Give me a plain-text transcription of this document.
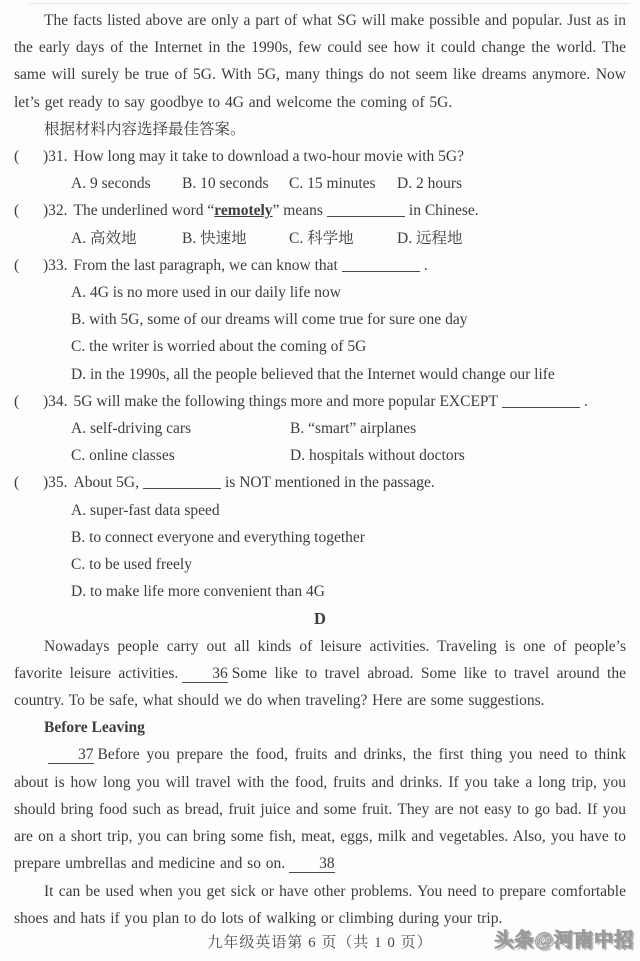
The facts listed above are only a part of what SG will make possible and popular. Just as in the early days of the Internet in the 1990s, few could see how it could change the world. The same will surely be true of 5G. With 5G, many things do not seem like dreams anymore. Now let’s get ready to say goodbye to 4G and welcome the coming of 5G.
根据材料内容选择最佳答案。
( )31. How long may it take to download a two-hour movie with 5G?
A. 9 seconds	B. 10 seconds	C. 15 minutes	D. 2 hours
( )32. The underlined word “remotely” means	in Chinese.
A. 高效地	B. 快速地	C. 科学地	D. 远程地
( )33. From the last paragraph, we can know that	.
A. 4G is no more used in our daily life now
B. with 5G, some of our dreams will come true for sure one day
C. the writer is worried about the coming of 5G
D. in the 1990s, all the people believed that the Internet would change our life
( )34. 5G will make the following things more and more popular EXCEPT	.
A. self-driving cars	B. “smart” airplanes
C. online classes	D. hospitals without doctors
( )35. About 5G,	is NOT mentioned in the passage.
A. super-fast data speed
B. to connect everyone and everything together
C. to be used freely
D. to make life more convenient than 4G
D
Nowadays people carry out all kinds of leisure activities. Traveling is one of people’s favorite leisure activities. 36 Some like to travel abroad. Some like to travel around the country. To be safe, what should we do when traveling? Here are some suggestions.
Before Leaving
37 Before you prepare the food, fruits and drinks, the first thing you need to think about is how long you will travel with the food, fruits and drinks. If you take a long trip, you should bring food such as bread, fruit juice and some fruit. They are not easy to go bad. If you are on a short trip, you can bring some fish, meat, eggs, milk and vegetables. Also, you have to prepare umbrellas and medicine and so on. 38
It can be used when you get sick or have other problems. You need to prepare comfortable shoes and hats if you plan to do lots of walking or climbing during your trip.
九年级英语第 6 页（共 1 0 页）	头条@河南中招
